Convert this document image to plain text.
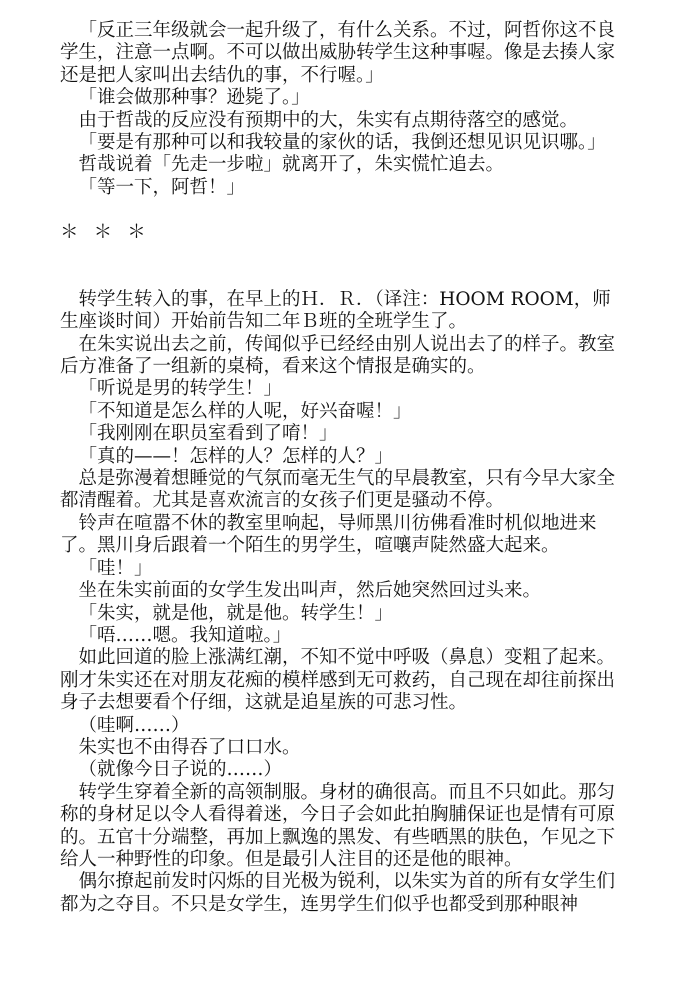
「反正三年级就会一起升级了，有什么关系。不过，阿哲你这不良学生，注意一点啊。不可以做出威胁转学生这种事喔。像是去揍人家还是把人家叫出去结仇的事，不行喔。」

「谁会做那种事？逊毙了。」

由于哲哉的反应没有预期中的大，朱实有点期待落空的感觉。

「要是有那种可以和我较量的家伙的话，我倒还想见识见识哪。」

哲哉说着「先走一步啦」就离开了，朱实慌忙追去。

「等一下，阿哲！」

＊ ＊ ＊

转学生转入的事，在早上的Ｈ．Ｒ．（译注：HOOM ROOM，师生座谈时间）开始前告知二年Ｂ班的全班学生了。

在朱实说出去之前，传闻似乎已经经由别人说出去了的样子。教室后方准备了一组新的桌椅，看来这个情报是确实的。

「听说是男的转学生！」

「不知道是怎么样的人呢，好兴奋喔！」

「我刚刚在职员室看到了唷！」

「真的——！怎样的人？怎样的人？」

总是弥漫着想睡觉的气氛而毫无生气的早晨教室，只有今早大家全都清醒着。尤其是喜欢流言的女孩子们更是骚动不停。

铃声在喧嚣不休的教室里响起，导师黑川彷佛看准时机似地进来了。黑川身后跟着一个陌生的男学生，喧嚷声陡然盛大起来。

「哇！」

坐在朱实前面的女学生发出叫声，然后她突然回过头来。

「朱实，就是他，就是他。转学生！」

「唔……嗯。我知道啦。」

如此回道的脸上涨满红潮，不知不觉中呼吸（鼻息）变粗了起来。刚才朱实还在对朋友花痴的模样感到无可救药，自己现在却往前探出身子去想要看个仔细，这就是追星族的可悲习性。

（哇啊……）

朱实也不由得吞了口口水。

（就像今日子说的……）

转学生穿着全新的高领制服。身材的确很高。而且不只如此。那匀称的身材足以令人看得着迷，今日子会如此拍胸脯保证也是情有可原的。五官十分端整，再加上飘逸的黑发、有些晒黑的肤色，乍见之下给人一种野性的印象。但是最引人注目的还是他的眼神。

偶尔撩起前发时闪烁的目光极为锐利，以朱实为首的所有女学生们都为之夺目。不只是女学生，连男学生们似乎也都受到那种眼神
